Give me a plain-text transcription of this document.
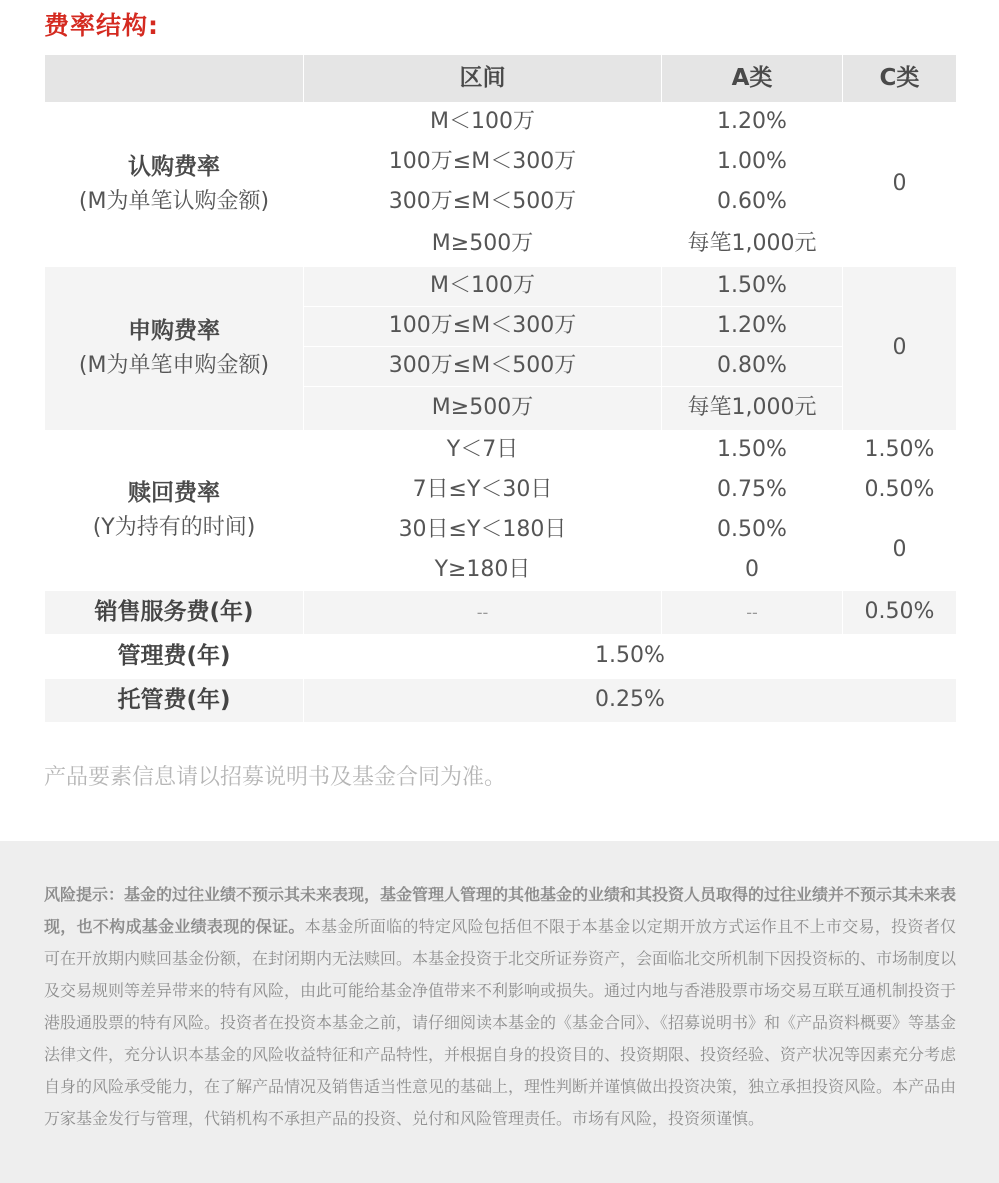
费率结构:
	区间	A类	C类

认购费率
(M为单笔认购金额)	M＜100万	1.20%	0
	100万≤M＜300万	1.00%	
	300万≤M＜500万	0.60%	
	M≥500万	每笔1,000元	

申购费率
(M为单笔申购金额)	M＜100万	1.50%	0
	100万≤M＜300万	1.20%	
	300万≤M＜500万	0.80%	
	M≥500万	每笔1,000元	

赎回费率
(Y为持有的时间)	Y＜7日	1.50%	1.50%
	7日≤Y＜30日	0.75%	0.50%
	30日≤Y＜180日	0.50%	0
	Y≥180日	0	
销售服务费(年)	--	--	0.50%
管理费(年)	1.50%		
托管费(年)	0.25%		
产品要素信息请以招募说明书及基金合同为准。

风险提示：基金的过往业绩不预示其未来表现，基金管理人管理的其他基金的业绩和其投资人员取得的过往业绩并不预示其未来表现，也不构成基金业绩表现的保证。本基金所面临的特定风险包括但不限于本基金以定期开放方式运作且不上市交易，投资者仅可在开放期内赎回基金份额，在封闭期内无法赎回。本基金投资于北交所证券资产，会面临北交所机制下因投资标的、市场制度以及交易规则等差异带来的特有风险，由此可能给基金净值带来不利影响或损失。通过内地与香港股票市场交易互联互通机制投资于港股通股票的特有风险。投资者在投资本基金之前，请仔细阅读本基金的《基金合同》、《招募说明书》和《产品资料概要》等基金法律文件，充分认识本基金的风险收益特征和产品特性，并根据自身的投资目的、投资期限、投资经验、资产状况等因素充分考虑自身的风险承受能力，在了解产品情况及销售适当性意见的基础上，理性判断并谨慎做出投资决策，独立承担投资风险。本产品由万家基金发行与管理，代销机构不承担产品的投资、兑付和风险管理责任。市场有风险，投资须谨慎。
